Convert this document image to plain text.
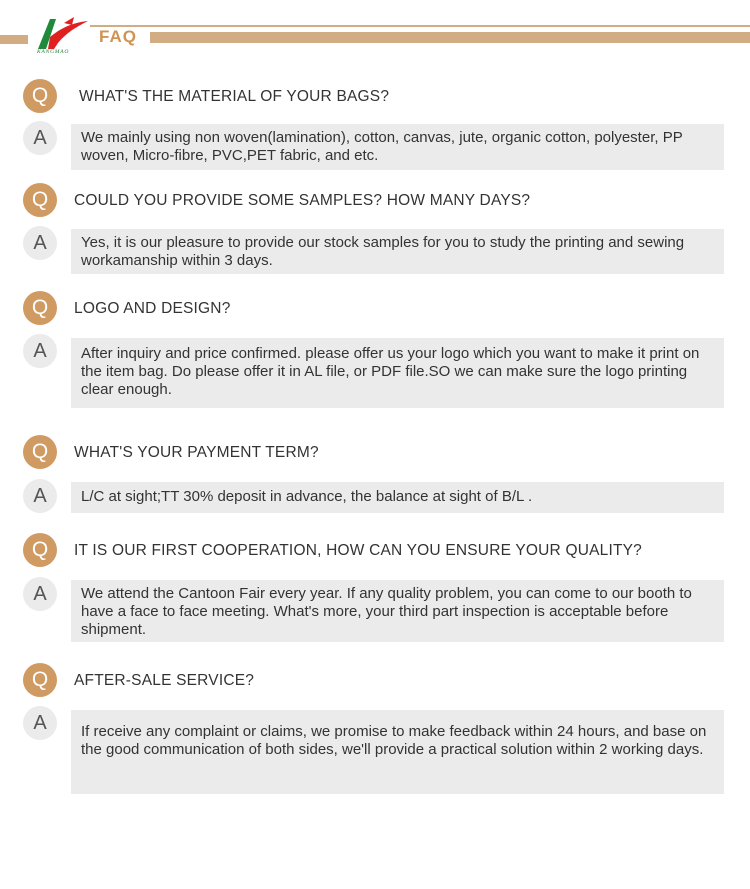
KANGMAO
FAQ
Q	WHAT'S THE MATERIAL OF YOUR BAGS?
A	We mainly using non woven(lamination), cotton, canvas, jute, organic cotton, polyester, PP woven, Micro-fibre, PVC,PET fabric, and etc.
Q	COULD YOU PROVIDE SOME SAMPLES? HOW MANY DAYS?
A	Yes, it is our pleasure to provide our stock samples for you to study the printing and sewing workamanship within 3 days.
Q	LOGO AND DESIGN?
A	After inquiry and price confirmed. please offer us your logo which you want to make it print on the item bag. Do please offer it in AL file, or PDF file.SO we can make sure the logo printing clear enough.
Q	WHAT'S YOUR PAYMENT TERM?
A	L/C at sight;TT 30% deposit in advance, the balance at sight of B/L .
Q	IT IS OUR FIRST COOPERATION, HOW CAN YOU ENSURE YOUR QUALITY?
A	We attend the Cantoon Fair every year. If any quality problem, you can come to our booth to have a face to face meeting. What's more, your third part inspection is acceptable before shipment.
Q	AFTER-SALE SERVICE?
A	If receive any complaint or claims, we promise to make feedback within 24 hours, and base on the good communication of both sides, we'll provide a practical solution within 2 working days.
